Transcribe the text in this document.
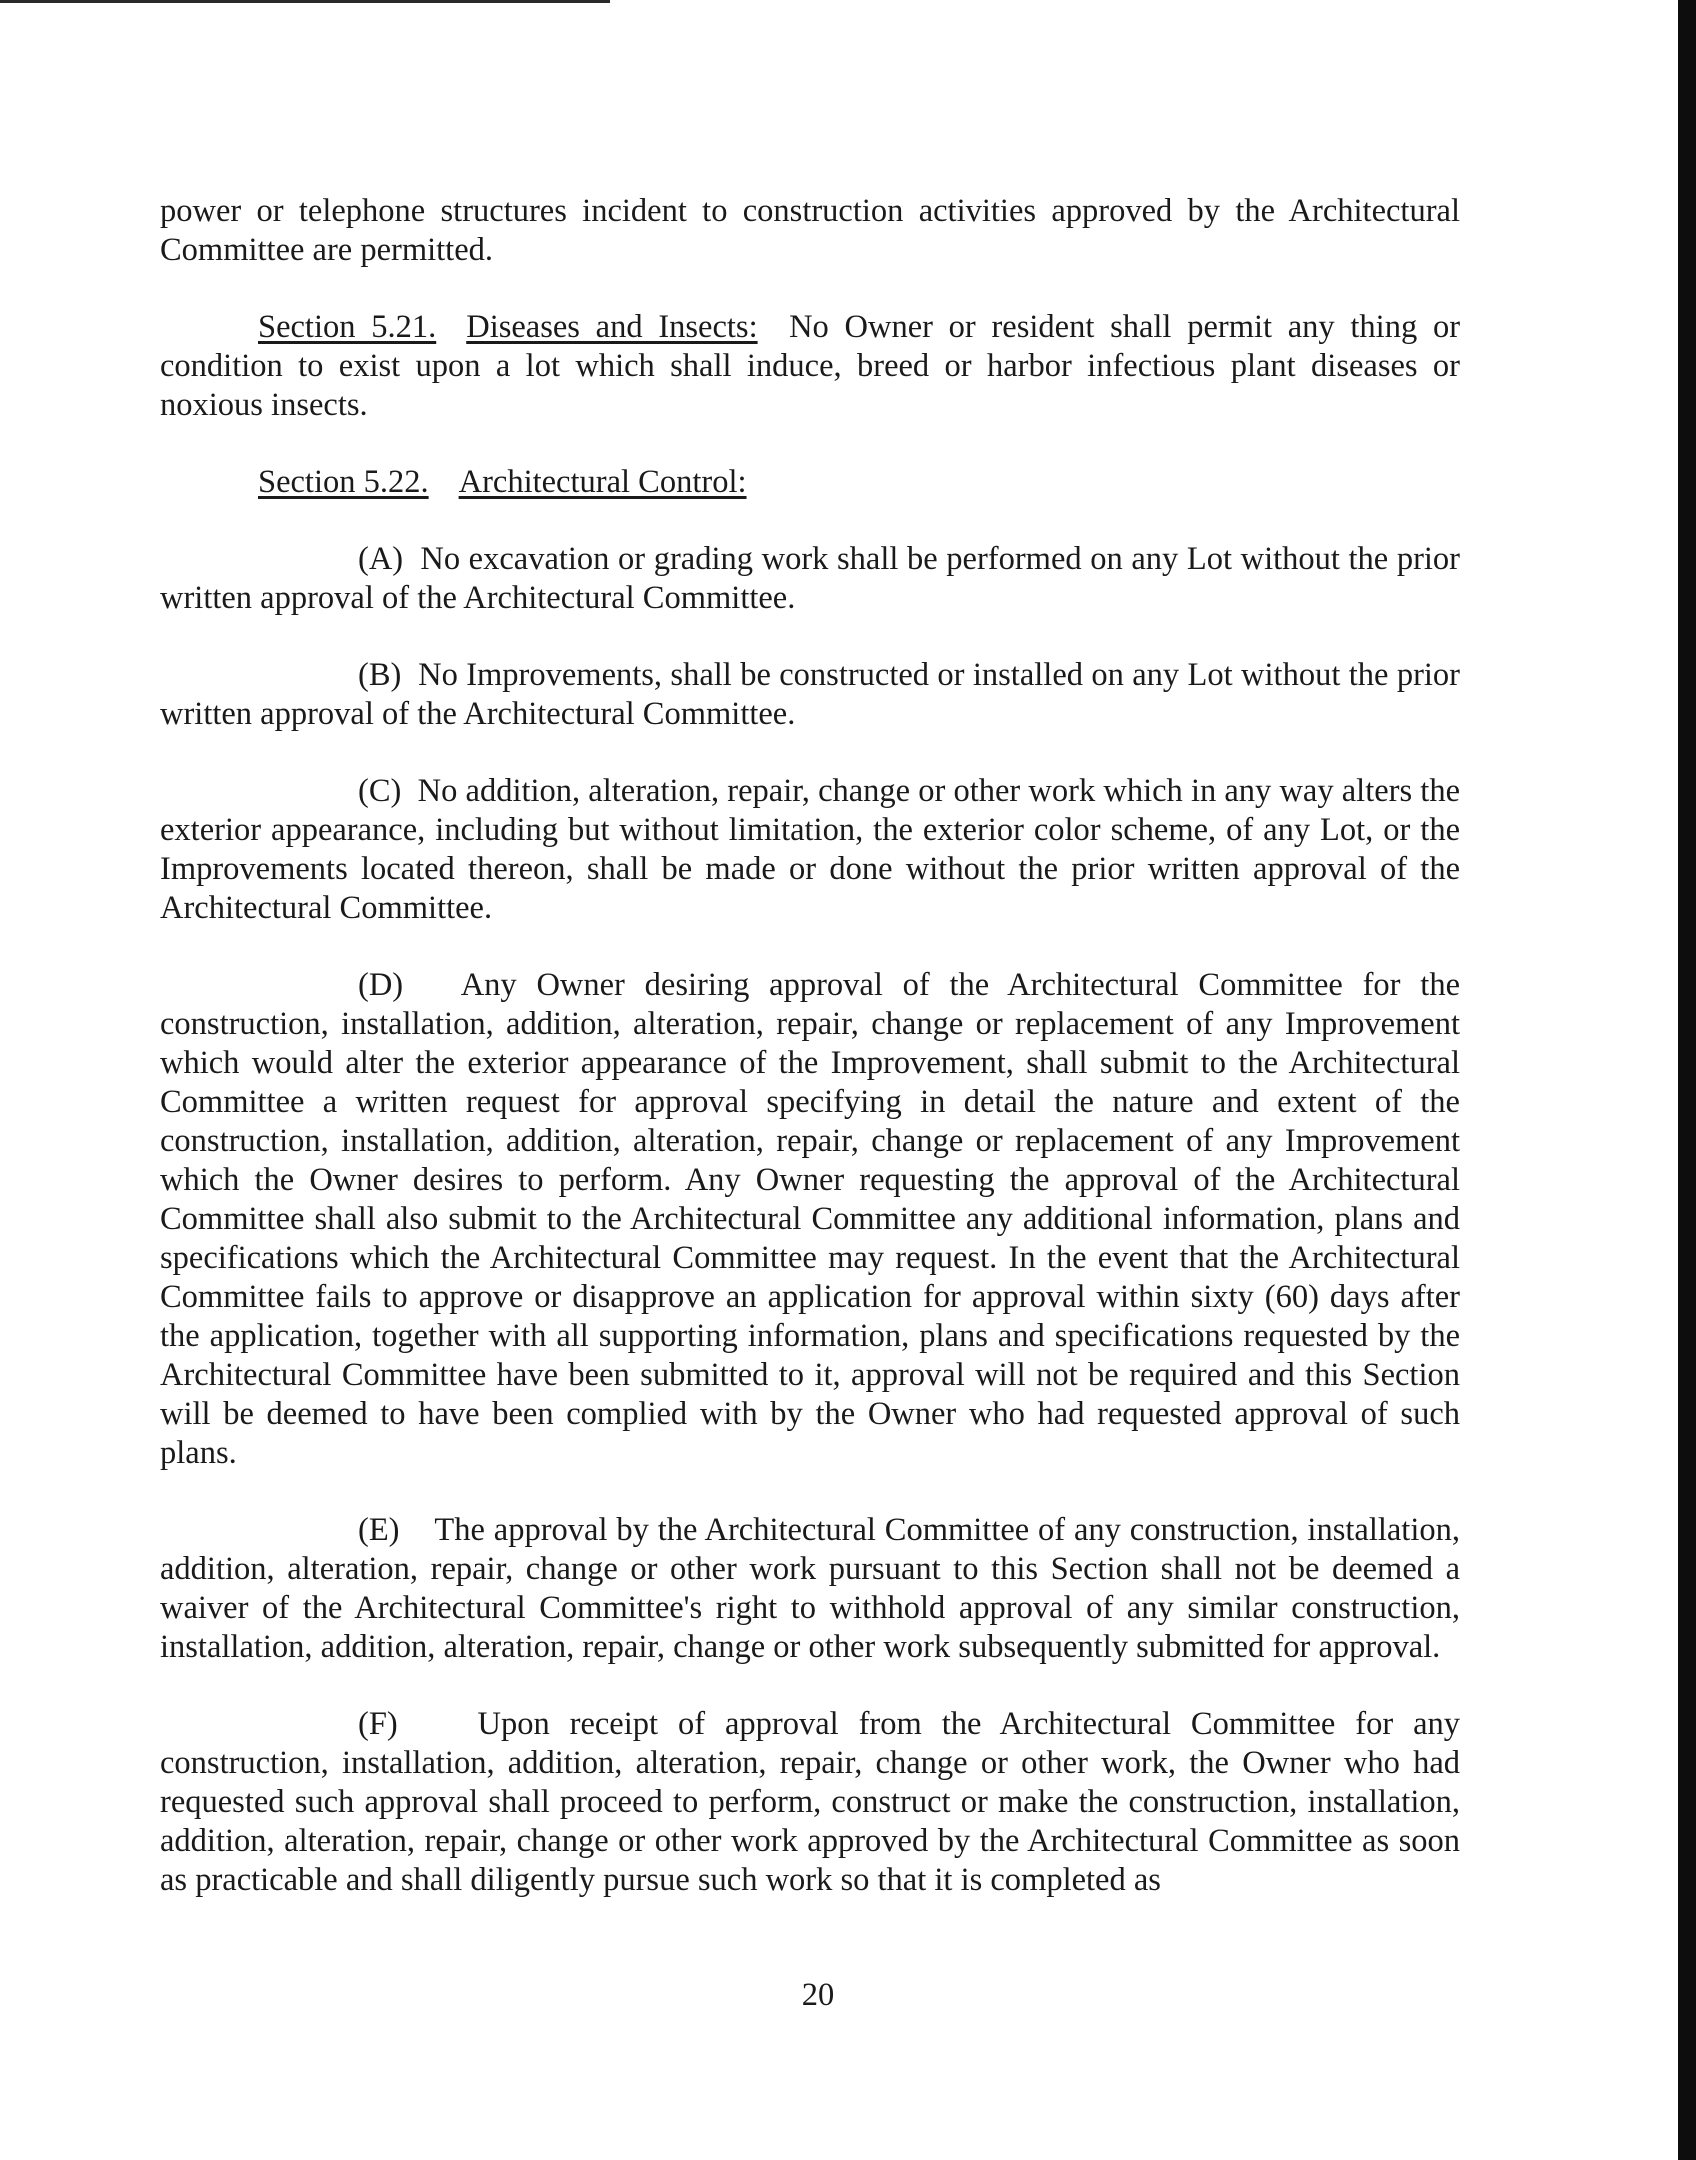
power or telephone structures incident to construction activities approved by the Architectural Committee are permitted.

Section 5.21. Diseases and Insects: No Owner or resident shall permit any thing or condition to exist upon a lot which shall induce, breed or harbor infectious plant diseases or noxious insects.

Section 5.22. Architectural Control:

(A) No excavation or grading work shall be performed on any Lot without the prior written approval of the Architectural Committee.

(B) No Improvements, shall be constructed or installed on any Lot without the prior written approval of the Architectural Committee.

(C) No addition, alteration, repair, change or other work which in any way alters the exterior appearance, including but without limitation, the exterior color scheme, of any Lot, or the Improvements located thereon, shall be made or done without the prior written approval of the Architectural Committee.

(D) Any Owner desiring approval of the Architectural Committee for the construction, installation, addition, alteration, repair, change or replacement of any Improvement which would alter the exterior appearance of the Improvement, shall submit to the Architectural Committee a written request for approval specifying in detail the nature and extent of the construction, installation, addition, alteration, repair, change or replacement of any Improvement which the Owner desires to perform. Any Owner requesting the approval of the Architectural Committee shall also submit to the Architectural Committee any additional information, plans and specifications which the Architectural Committee may request. In the event that the Architectural Committee fails to approve or disapprove an application for approval within sixty (60) days after the application, together with all supporting information, plans and specifications requested by the Architectural Committee have been submitted to it, approval will not be required and this Section will be deemed to have been complied with by the Owner who had requested approval of such plans.

(E) The approval by the Architectural Committee of any construction, installation, addition, alteration, repair, change or other work pursuant to this Section shall not be deemed a waiver of the Architectural Committee's right to withhold approval of any similar construction, installation, addition, alteration, repair, change or other work subsequently submitted for approval.

(F) Upon receipt of approval from the Architectural Committee for any construction, installation, addition, alteration, repair, change or other work, the Owner who had requested such approval shall proceed to perform, construct or make the construction, installation, addition, alteration, repair, change or other work approved by the Architectural Committee as soon as practicable and shall diligently pursue such work so that it is completed as

20
